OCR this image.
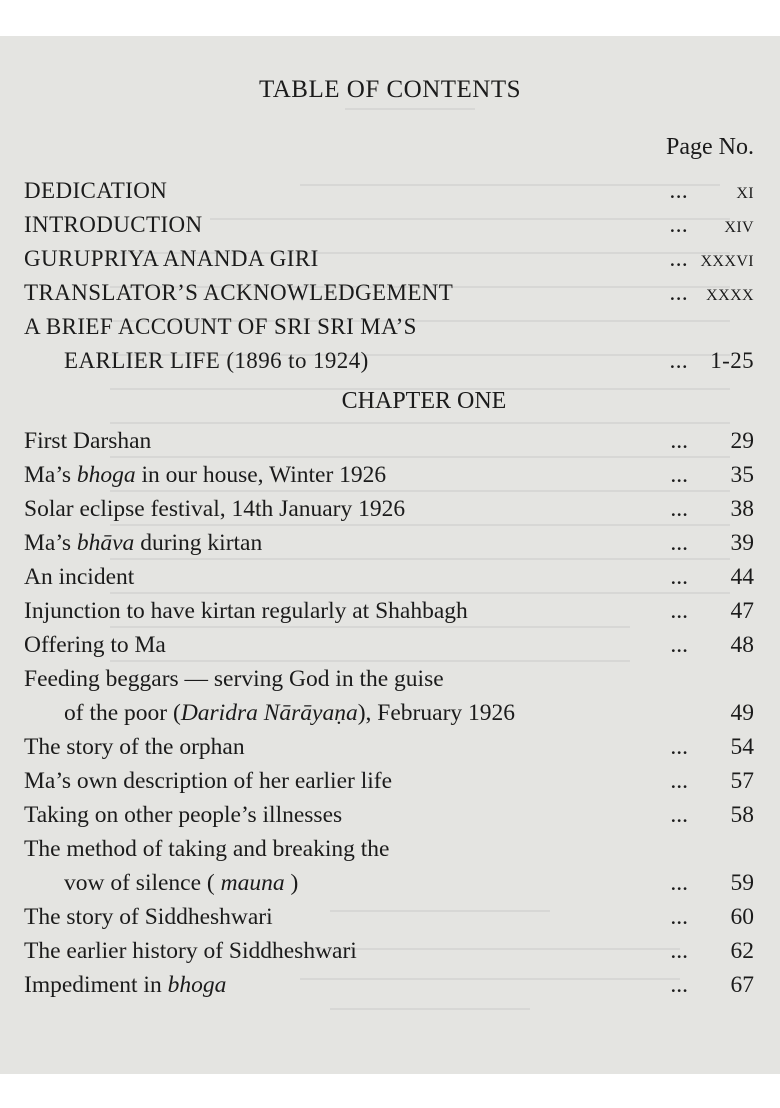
TABLE OF CONTENTS
Page No.
DEDICATION	... xi
INTRODUCTION	... xiv
GURUPRIYA ANANDA GIRI	... xxxvi
TRANSLATOR’S ACKNOWLEDGEMENT	... xxxx
A BRIEF ACCOUNT OF SRI SRI MA’S
EARLIER LIFE (1896 to 1924)	... 1-25
CHAPTER ONE
First Darshan	... 29
Ma’s bhoga in our house, Winter 1926	... 35
Solar eclipse festival, 14th January 1926	... 38
Ma’s bhāva during kirtan	... 39
An incident	... 44
Injunction to have kirtan regularly at Shahbagh	... 47
Offering to Ma	... 48
Feeding beggars — serving God in the guise
of the poor (Daridra Nārāyaṇa), February 1926	49
The story of the orphan	... 54
Ma’s own description of her earlier life	... 57
Taking on other people’s illnesses	... 58
The method of taking and breaking the
vow of silence ( mauna )	... 59
The story of Siddheshwari	... 60
The earlier history of Siddheshwari	... 62
Impediment in bhoga	... 67
